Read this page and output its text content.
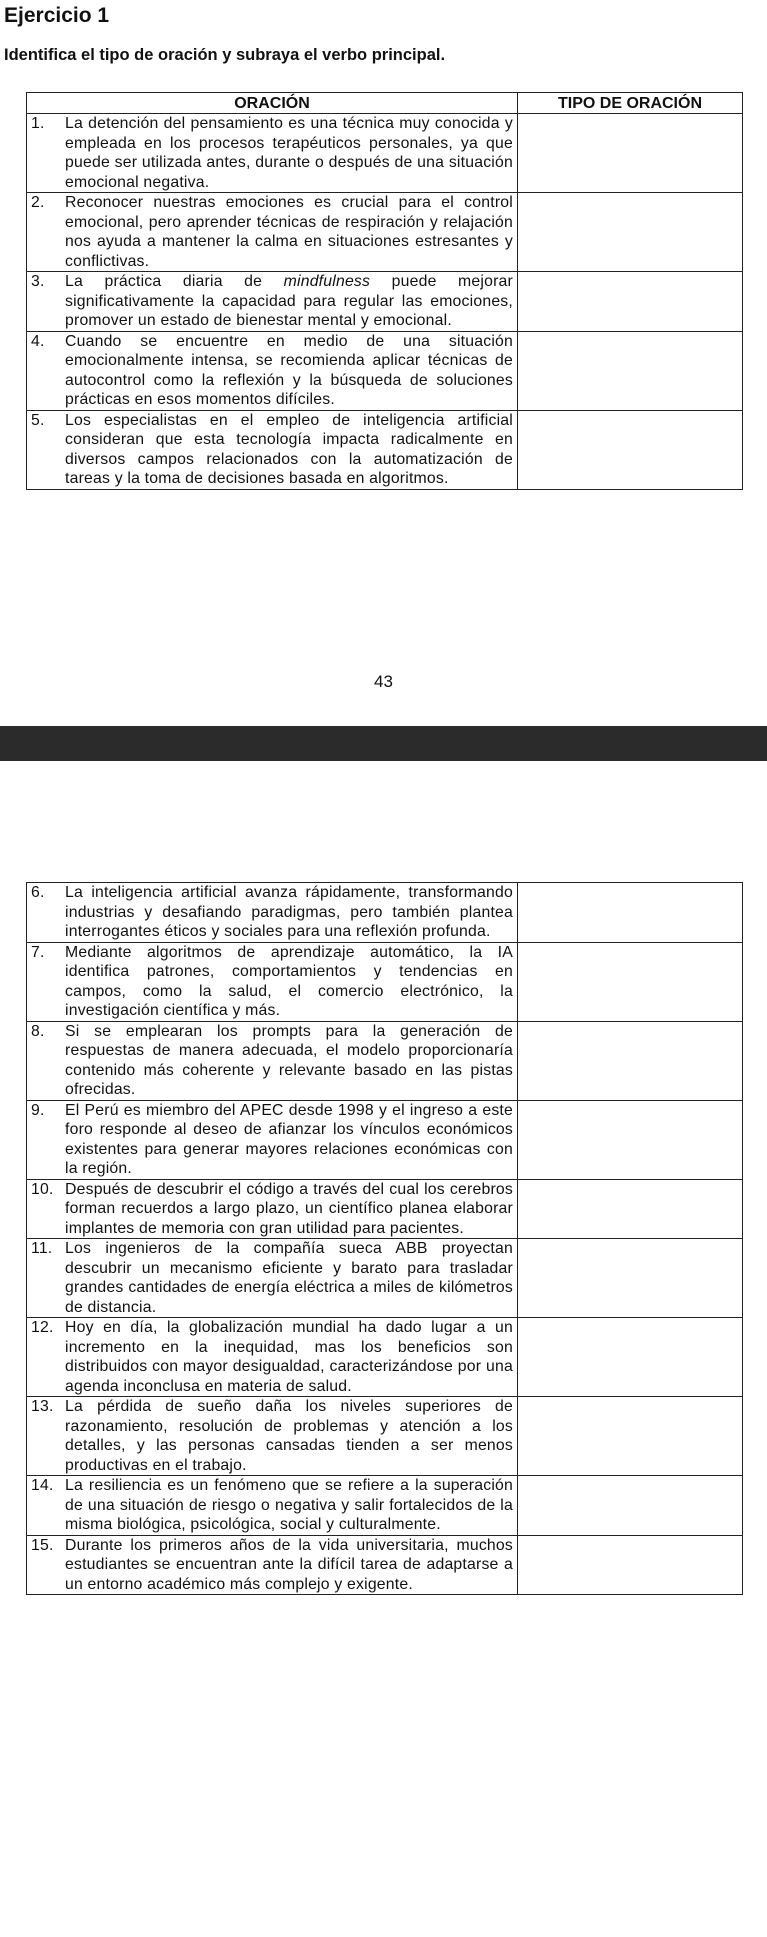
Ejercicio 1
Identifica el tipo de oración y subraya el verbo principal.
ORACIÓN	TIPO DE ORACIÓN

1. La detención del pensamiento es una técnica muy conocida y empleada en los procesos terapéuticos personales, ya que puede ser utilizada antes, durante o después de una situación emocional negativa.	

2. Reconocer nuestras emociones es crucial para el control emocional, pero aprender técnicas de respiración y relajación nos ayuda a mantener la calma en situaciones estresantes y conflictivas.	

3. La práctica diaria de mindfulness puede mejorar significativamente la capacidad para regular las emociones, promover un estado de bienestar mental y emocional.	

4. Cuando se encuentre en medio de una situación emocionalmente intensa, se recomienda aplicar técnicas de autocontrol como la reflexión y la búsqueda de soluciones prácticas en esos momentos difíciles.	

5. Los especialistas en el empleo de inteligencia artificial consideran que esta tecnología impacta radicalmente en diversos campos relacionados con la automatización de tareas y la toma de decisiones basada en algoritmos.	

43
6. La inteligencia artificial avanza rápidamente, transformando industrias y desafiando paradigmas, pero también plantea interrogantes éticos y sociales para una reflexión profunda.	

7. Mediante algoritmos de aprendizaje automático, la IA identifica patrones, comportamientos y tendencias en campos, como la salud, el comercio electrónico, la investigación científica y más.	

8. Si se emplearan los prompts para la generación de respuestas de manera adecuada, el modelo proporcionaría contenido más coherente y relevante basado en las pistas ofrecidas.	

9. El Perú es miembro del APEC desde 1998 y el ingreso a este foro responde al deseo de afianzar los vínculos económicos existentes para generar mayores relaciones económicas con la región.	

10. Después de descubrir el código a través del cual los cerebros forman recuerdos a largo plazo, un científico planea elaborar implantes de memoria con gran utilidad para pacientes.	

11. Los ingenieros de la compañía sueca ABB proyectan descubrir un mecanismo eficiente y barato para trasladar grandes cantidades de energía eléctrica a miles de kilómetros de distancia.	

12. Hoy en día, la globalización mundial ha dado lugar a un incremento en la inequidad, mas los beneficios son distribuidos con mayor desigualdad, caracterizándose por una agenda inconclusa en materia de salud.	

13. La pérdida de sueño daña los niveles superiores de razonamiento, resolución de problemas y atención a los detalles, y las personas cansadas tienden a ser menos productivas en el trabajo.	

14. La resiliencia es un fenómeno que se refiere a la superación de una situación de riesgo o negativa y salir fortalecidos de la misma biológica, psicológica, social y culturalmente.	

15. Durante los primeros años de la vida universitaria, muchos estudiantes se encuentran ante la difícil tarea de adaptarse a un entorno académico más complejo y exigente.	
